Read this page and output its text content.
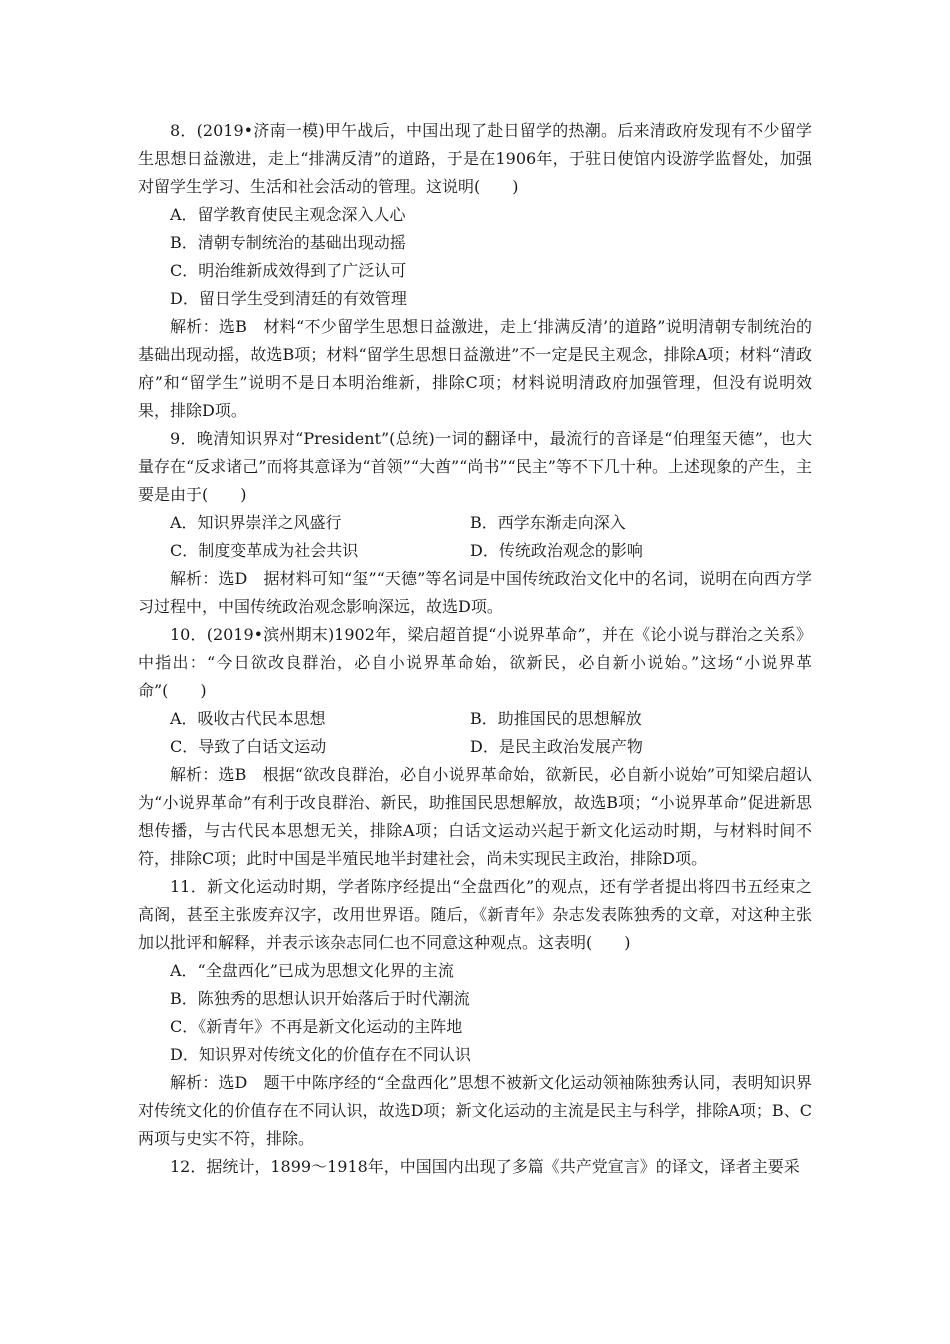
8．(2019•济南一模)甲午战后，中国出现了赴日留学的热潮。后来清政府发现有不少留学生思想日益激进，走上“排满反清”的道路，于是在1906年，于驻日使馆内设游学监督处，加强对留学生学习、生活和社会活动的管理。这说明(　　)

A．留学教育使民主观念深入人心

B．清朝专制统治的基础出现动摇

C．明治维新成效得到了广泛认可

D．留日学生受到清廷的有效管理

解析：选B　材料“不少留学生思想日益激进，走上‘排满反清’的道路”说明清朝专制统治的基础出现动摇，故选B项；材料“留学生思想日益激进”不一定是民主观念，排除A项；材料“清政府”和“留学生”说明不是日本明治维新，排除C项；材料说明清政府加强管理，但没有说明效果，排除D项。

9．晚清知识界对“President”(总统)一词的翻译中，最流行的音译是“伯理玺天德”，也大量存在“反求诸己”而将其意译为“首领”“大酋”“尚书”“民主”等不下几十种。上述现象的产生，主要是由于(　　)

A．知识界崇洋之风盛行	B．西学东渐走向深入
C．制度变革成为社会共识	D．传统政治观念的影响

解析：选D　据材料可知“玺”“天德”等名词是中国传统政治文化中的名词，说明在向西方学习过程中，中国传统政治观念影响深远，故选D项。

10．(2019•滨州期末)1902年，梁启超首提“小说界革命”，并在《论小说与群治之关系》中指出：“今日欲改良群治，必自小说界革命始，欲新民，必自新小说始。”这场“小说界革命”(　　)

A．吸收古代民本思想	B．助推国民的思想解放
C．导致了白话文运动	D．是民主政治发展产物

解析：选B　根据“欲改良群治，必自小说界革命始，欲新民，必自新小说始”可知梁启超认为“小说界革命”有利于改良群治、新民，助推国民思想解放，故选B项；“小说界革命”促进新思想传播，与古代民本思想无关，排除A项；白话文运动兴起于新文化运动时期，与材料时间不符，排除C项；此时中国是半殖民地半封建社会，尚未实现民主政治，排除D项。

11．新文化运动时期，学者陈序经提出“全盘西化”的观点，还有学者提出将四书五经束之高阁，甚至主张废弃汉字，改用世界语。随后，《新青年》杂志发表陈独秀的文章，对这种主张加以批评和解释，并表示该杂志同仁也不同意这种观点。这表明(　　)

A．“全盘西化”已成为思想文化界的主流

B．陈独秀的思想认识开始落后于时代潮流

C．《新青年》不再是新文化运动的主阵地

D．知识界对传统文化的价值存在不同认识

解析：选D　题干中陈序经的“全盘西化”思想不被新文化运动领袖陈独秀认同，表明知识界对传统文化的价值存在不同认识，故选D项；新文化运动的主流是民主与科学，排除A项；B、C两项与史实不符，排除。

12．据统计，1899～1918年，中国国内出现了多篇《共产党宣言》的译文，译者主要采
